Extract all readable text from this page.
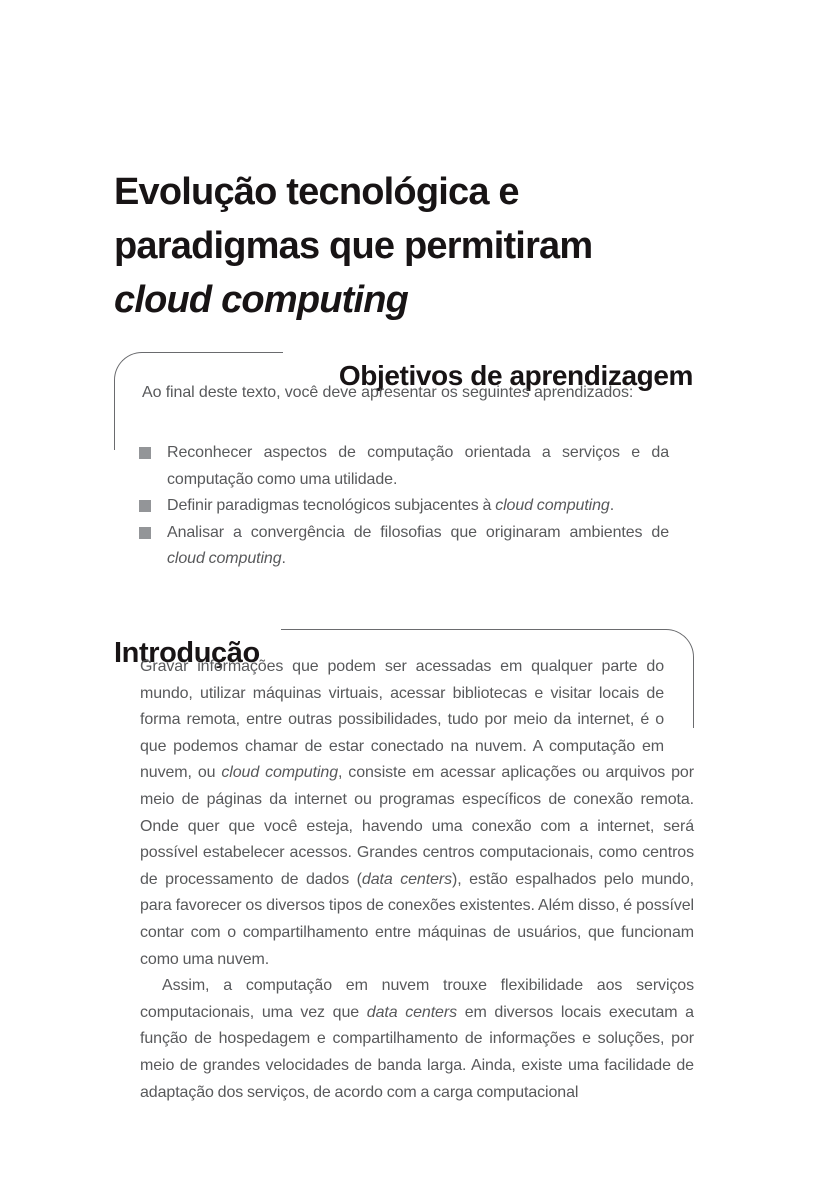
Evolução tecnológica e
paradigmas que permitiram
cloud computing
Objetivos de aprendizagem
Ao final deste texto, você deve apresentar os seguintes aprendizados:
Reconhecer aspectos de computação orientada a serviços e da computação como uma utilidade.
Definir paradigmas tecnológicos subjacentes à cloud computing.
Analisar a convergência de filosofias que originaram ambientes de cloud computing.
Introdução

Gravar informações que podem ser acessadas em qualquer parte do mundo, utilizar máquinas virtuais, acessar bibliotecas e visitar locais de forma remota, entre outras possibilidades, tudo por meio da internet, é o que podemos chamar de estar conectado na nuvem. A computação em nuvem, ou cloud computing, consiste em acessar aplicações ou arquivos por meio de páginas da internet ou programas específicos de conexão remota. Onde quer que você esteja, havendo uma conexão com a internet, será possível estabelecer acessos. Grandes centros computacionais, como centros de processamento de dados (data centers), estão espalhados pelo mundo, para favorecer os diversos tipos de conexões existentes. Além disso, é possível contar com o compartilhamento entre máquinas de usuários, que funcionam como uma nuvem.

Assim, a computação em nuvem trouxe flexibilidade aos serviços computacionais, uma vez que data centers em diversos locais executam a função de hospedagem e compartilhamento de informações e soluções, por meio de grandes velocidades de banda larga. Ainda, existe uma facilidade de adaptação dos serviços, de acordo com a carga computacional
